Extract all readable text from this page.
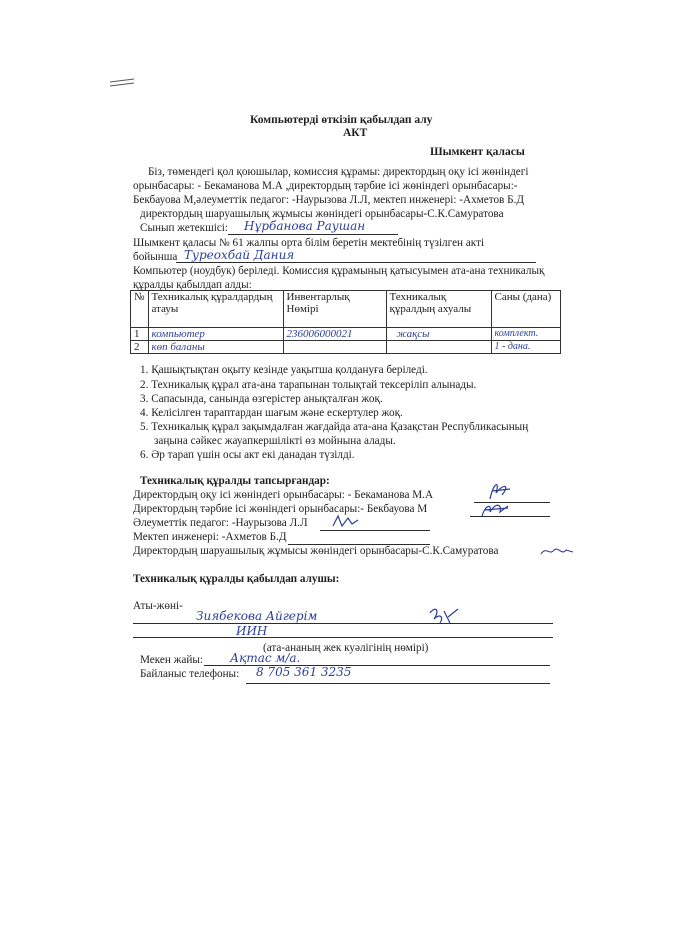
Компьютерді өткізіп қабылдап алу
АКТ
Шымкент қаласы
Біз, төмендегі қол қоюшылар, комиссия құрамы: директордың оқу ісі жөніндегі
орынбасары: - Бекаманова М.А ,директордың тәрбие ісі жөніндегі орынбасары:-
Бекбауова М,әлеуметтік педагог: -Наурызова Л.Л, мектеп инженері: -Ахметов Б.Д
директордың шаруашылық жұмысы жөніндегі орынбасары-С.К.Самуратова
Сынып жетекшісі: Нұрбанова Раушан
Шымкент қаласы № 61 жалпы орта білім беретін мектебінің түзілген акті
бойынша Туреохбай Дания
Компьютер (ноудбук) беріледі. Комиссия құрамының қатысуымен ата-ана техникалық
құралды қабылдап алды:
№	Техникалық құралдардың атауы	Инвентарлық Нөмірі	Техникалық құралдың ахуалы	Саны (дана)
1	компьютер	236006000021	жақсы	комплект.
2	көп баланы			1 - дана.
1. Қашықтықтан оқыту кезінде уақытша қолдануға беріледі.
2. Техникалық құрал ата-ана тарапынан толықтай тексеріліп алынады.
3. Сапасында, санында өзгерістер анықталған жоқ.
4. Келісілген тараптардан шағым және ескертулер жоқ.
5. Техникалық құрал зақымдалған жағдайда ата-ана Қазақстан Республикасының
заңына сәйкес жауапкершілікті өз мойнына алады.
6. Әр тарап үшін осы акт екі данадан түзілді.
Техникалық құралды тапсырғандар:
Директордың оқу ісі жөніндегі орынбасары: - Бекаманова М.А
Директордың тәрбие ісі жөніндегі орынбасары:- Бекбауова М
Әлеуметтік педагог: -Наурызова Л.Л
Мектеп инженері: -Ахметов Б.Д
Директордың шаруашылық жұмысы жөніндегі орынбасары-С.К.Самуратова
Техникалық құралды қабылдап алушы:
Аты-жөні-
Зиябекова Айгерім
ИИН
(ата-ананың жек куәлігінің нөмірі)
Мекен жайы: Ақтас м/а.
Байланыс телефоны: 8 705 361 3235
